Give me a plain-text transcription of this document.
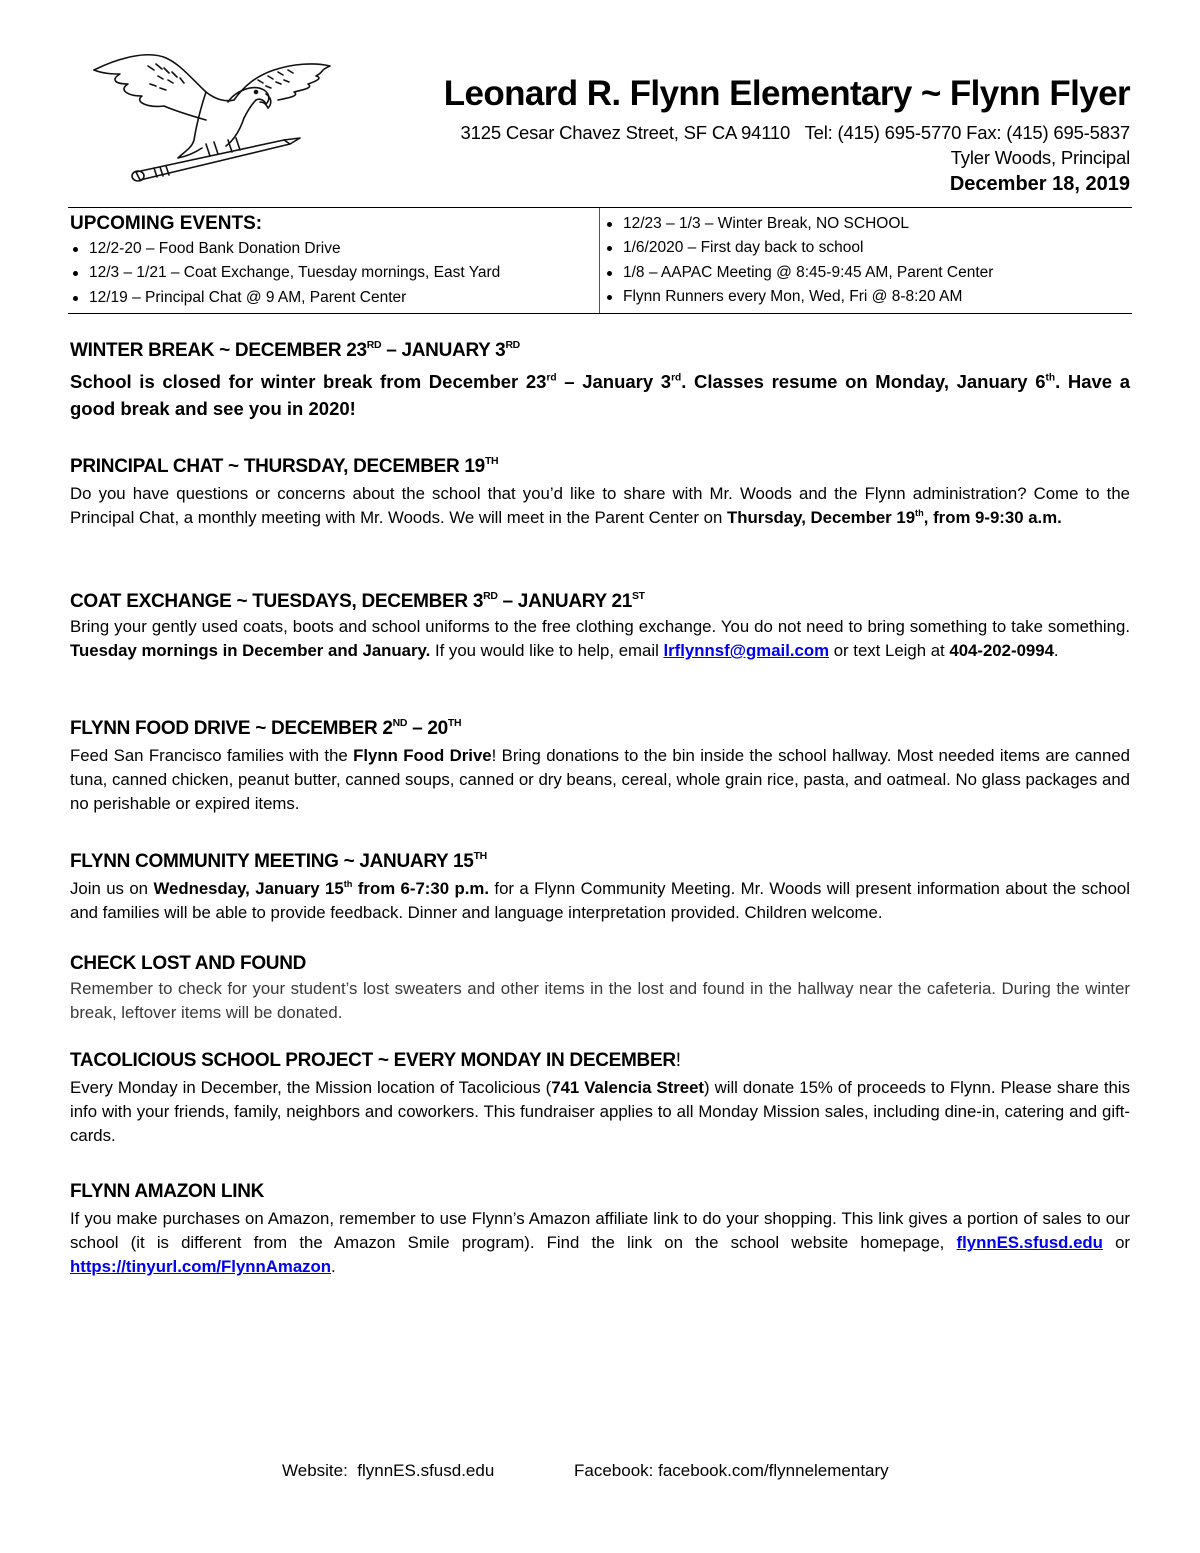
Leonard R. Flynn Elementary ~ Flynn Flyer
3125 Cesar Chavez Street, SF CA 94110   Tel: (415) 695-5770 Fax: (415) 695-5837
Tyler Woods, Principal
December 18, 2019
UPCOMING EVENTS:
12/2-20 – Food Bank Donation Drive
12/3 – 1/21 – Coat Exchange, Tuesday mornings, East Yard
12/19 – Principal Chat @ 9 AM, Parent Center
12/23 – 1/3 – Winter Break, NO SCHOOL
1/6/2020 – First day back to school
1/8 – AAPAC Meeting @ 8:45-9:45 AM, Parent Center
Flynn Runners every Mon, Wed, Fri @ 8-8:20 AM
WINTER BREAK ~ DECEMBER 23RD – JANUARY 3RD
School is closed for winter break from December 23rd – January 3rd. Classes resume on Monday, January 6th. Have a good break and see you in 2020!
PRINCIPAL CHAT ~ THURSDAY, DECEMBER 19TH
Do you have questions or concerns about the school that you’d like to share with Mr. Woods and the Flynn administration? Come to the Principal Chat, a monthly meeting with Mr. Woods. We will meet in the Parent Center on Thursday, December 19th, from 9-9:30 a.m.
COAT EXCHANGE ~ TUESDAYS, DECEMBER 3RD – JANUARY 21ST
Bring your gently used coats, boots and school uniforms to the free clothing exchange. You do not need to bring something to take something. Tuesday mornings in December and January. If you would like to help, email lrflynnsf@gmail.com or text Leigh at 404-202-0994.
FLYNN FOOD DRIVE ~ DECEMBER 2ND – 20TH
Feed San Francisco families with the Flynn Food Drive! Bring donations to the bin inside the school hallway. Most needed items are canned tuna, canned chicken, peanut butter, canned soups, canned or dry beans, cereal, whole grain rice, pasta, and oatmeal. No glass packages and no perishable or expired items.
FLYNN COMMUNITY MEETING ~ JANUARY 15TH
Join us on Wednesday, January 15th from 6-7:30 p.m. for a Flynn Community Meeting. Mr. Woods will present information about the school and families will be able to provide feedback. Dinner and language interpretation provided. Children welcome.
CHECK LOST AND FOUND
Remember to check for your student’s lost sweaters and other items in the lost and found in the hallway near the cafeteria. During the winter break, leftover items will be donated.
TACOLICIOUS SCHOOL PROJECT ~ EVERY MONDAY IN DECEMBER!
Every Monday in December, the Mission location of Tacolicious (741 Valencia Street) will donate 15% of proceeds to Flynn. Please share this info with your friends, family, neighbors and coworkers. This fundraiser applies to all Monday Mission sales, including dine-in, catering and gift-cards.
FLYNN AMAZON LINK
If you make purchases on Amazon, remember to use Flynn’s Amazon affiliate link to do your shopping. This link gives a portion of sales to our school (it is different from the Amazon Smile program). Find the link on the school website homepage, flynnES.sfusd.edu or https://tinyurl.com/FlynnAmazon.
Website:  flynnES.sfusd.edu	Facebook: facebook.com/flynnelementary
